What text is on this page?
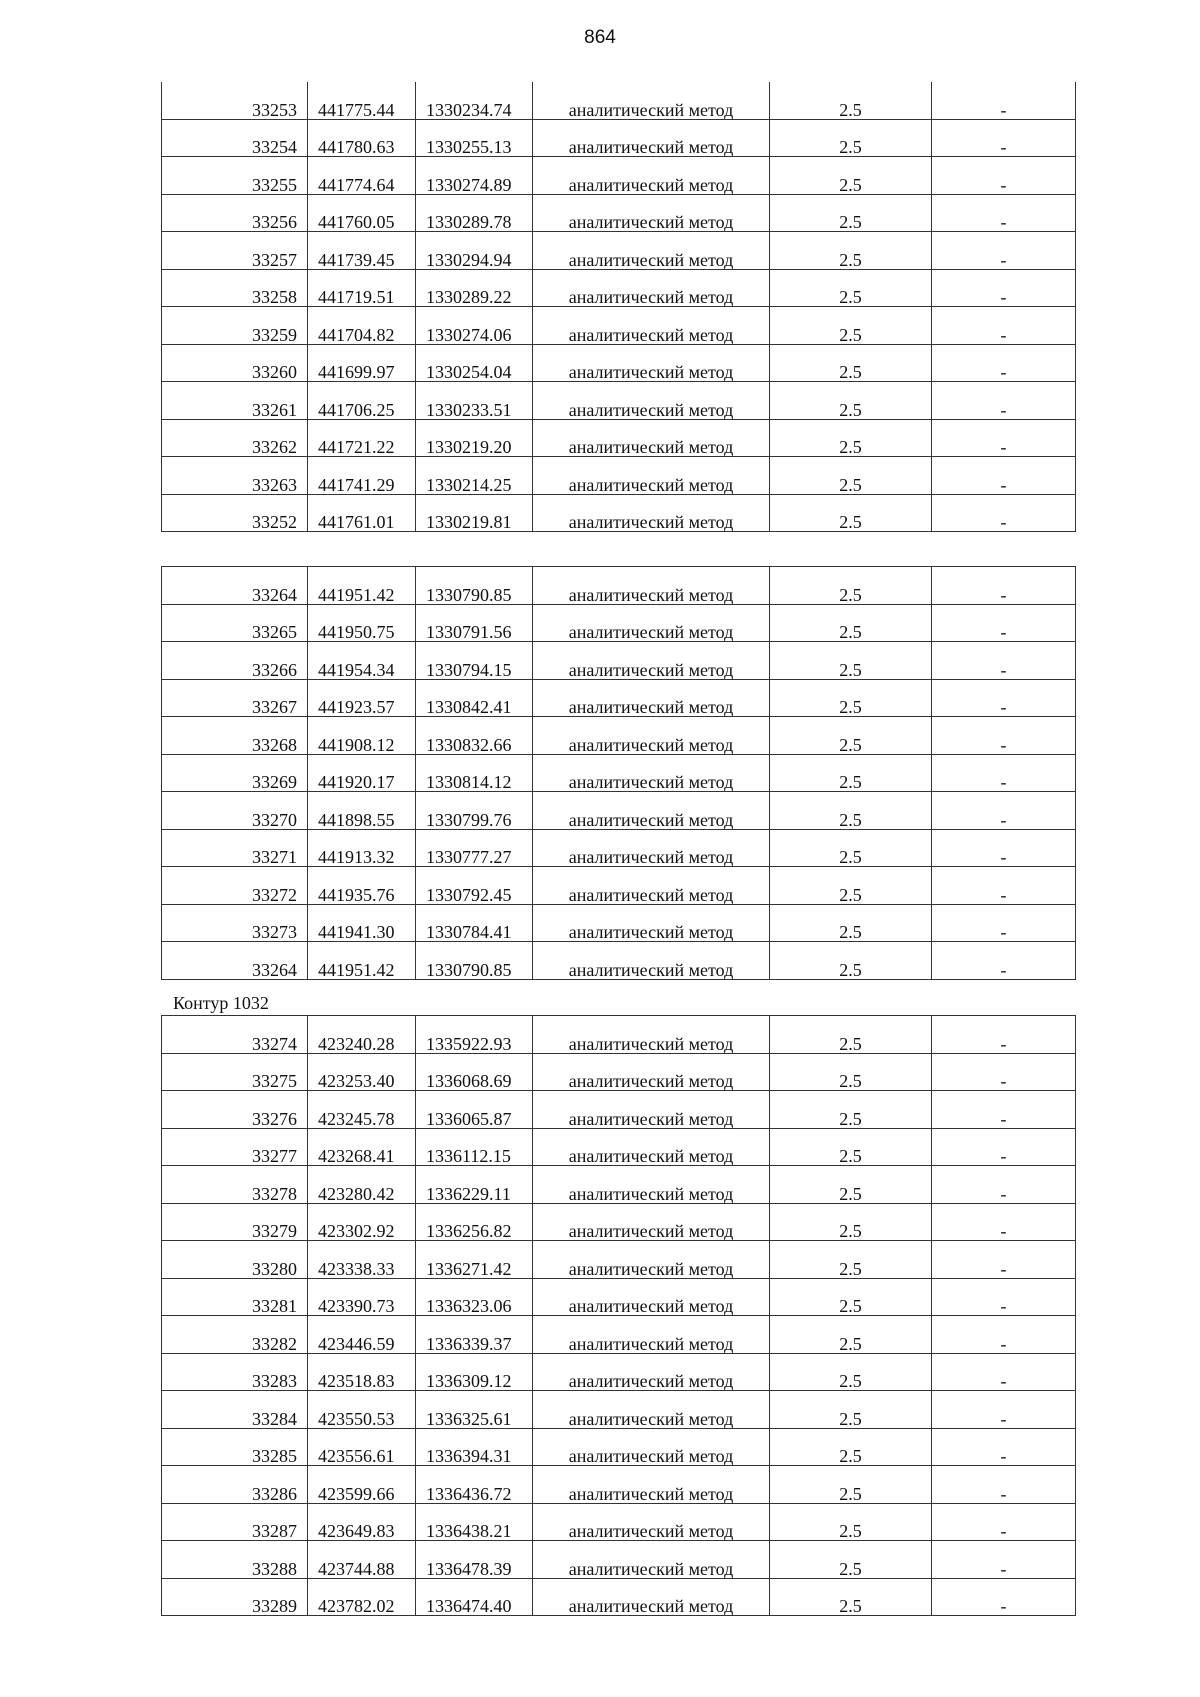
864
33253	441775.44	1330234.74	аналитический метод	2.5	-
33254	441780.63	1330255.13	аналитический метод	2.5	-
33255	441774.64	1330274.89	аналитический метод	2.5	-
33256	441760.05	1330289.78	аналитический метод	2.5	-
33257	441739.45	1330294.94	аналитический метод	2.5	-
33258	441719.51	1330289.22	аналитический метод	2.5	-
33259	441704.82	1330274.06	аналитический метод	2.5	-
33260	441699.97	1330254.04	аналитический метод	2.5	-
33261	441706.25	1330233.51	аналитический метод	2.5	-
33262	441721.22	1330219.20	аналитический метод	2.5	-
33263	441741.29	1330214.25	аналитический метод	2.5	-
33252	441761.01	1330219.81	аналитический метод	2.5	-
33264	441951.42	1330790.85	аналитический метод	2.5	-
33265	441950.75	1330791.56	аналитический метод	2.5	-
33266	441954.34	1330794.15	аналитический метод	2.5	-
33267	441923.57	1330842.41	аналитический метод	2.5	-
33268	441908.12	1330832.66	аналитический метод	2.5	-
33269	441920.17	1330814.12	аналитический метод	2.5	-
33270	441898.55	1330799.76	аналитический метод	2.5	-
33271	441913.32	1330777.27	аналитический метод	2.5	-
33272	441935.76	1330792.45	аналитический метод	2.5	-
33273	441941.30	1330784.41	аналитический метод	2.5	-
33264	441951.42	1330790.85	аналитический метод	2.5	-
Контур 1032
33274	423240.28	1335922.93	аналитический метод	2.5	-
33275	423253.40	1336068.69	аналитический метод	2.5	-
33276	423245.78	1336065.87	аналитический метод	2.5	-
33277	423268.41	1336112.15	аналитический метод	2.5	-
33278	423280.42	1336229.11	аналитический метод	2.5	-
33279	423302.92	1336256.82	аналитический метод	2.5	-
33280	423338.33	1336271.42	аналитический метод	2.5	-
33281	423390.73	1336323.06	аналитический метод	2.5	-
33282	423446.59	1336339.37	аналитический метод	2.5	-
33283	423518.83	1336309.12	аналитический метод	2.5	-
33284	423550.53	1336325.61	аналитический метод	2.5	-
33285	423556.61	1336394.31	аналитический метод	2.5	-
33286	423599.66	1336436.72	аналитический метод	2.5	-
33287	423649.83	1336438.21	аналитический метод	2.5	-
33288	423744.88	1336478.39	аналитический метод	2.5	-
33289	423782.02	1336474.40	аналитический метод	2.5	-
